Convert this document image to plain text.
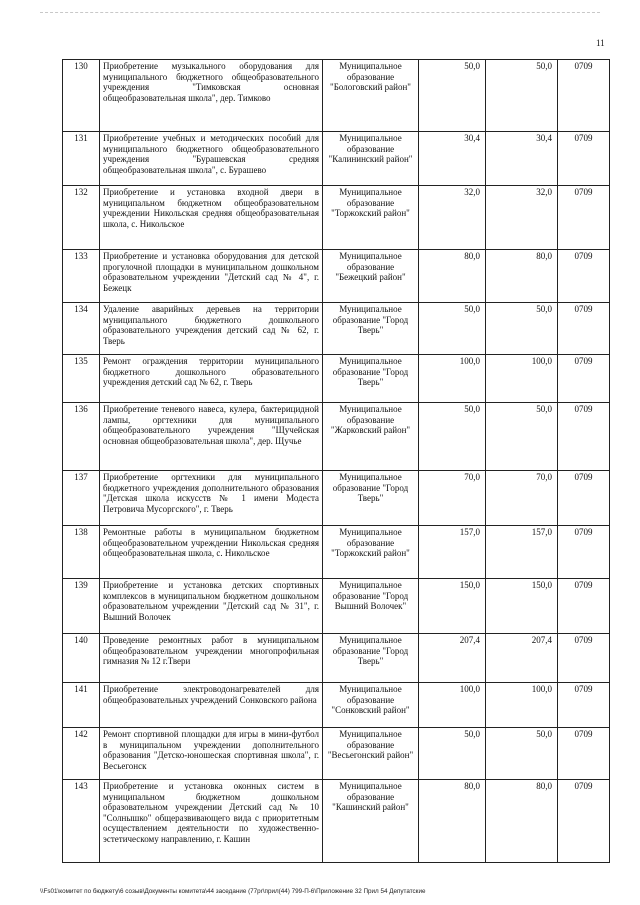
11
130	Приобретение музыкального оборудования для муниципального бюджетного общеобразовательного учреждения "Тимковская основная общеобразовательная школа", дер. Тимково	Муниципальное образование "Бологовский район"	50,0	50,0	0709
131	Приобретение учебных и методических пособий для муниципального бюджетного общеобразовательного учреждения "Бурашевская средняя общеобразовательная школа", с. Бурашево	Муниципальное образование "Калининский район"	30,4	30,4	0709
132	Приобретение и установка входной двери в муниципальном бюджетном общеобразовательном учреждении Никольская средняя общеобразовательная школа, с. Никольское	Муниципальное образование "Торжокский район"	32,0	32,0	0709
133	Приобретение и установка оборудования для детской прогулочной площадки в муниципальном дошкольном образовательном учреждении "Детский сад № 4", г. Бежецк	Муниципальное образование "Бежецкий район"	80,0	80,0	0709
134	Удаление аварийных деревьев на территории муниципального бюджетного дошкольного образовательного учреждения детский сад № 62, г. Тверь	Муниципальное образование "Город Тверь"	50,0	50,0	0709
135	Ремонт ограждения территории муниципального бюджетного дошкольного образовательного учреждения детский сад № 62, г. Тверь	Муниципальное образование "Город Тверь"	100,0	100,0	0709
136	Приобретение теневого навеса, кулера, бактерицидной лампы, оргтехники для муниципального общеобразовательного учреждения "Щучейская основная общеобразовательная школа", дер. Щучье	Муниципальное образование "Жарковский район"	50,0	50,0	0709
137	Приобретение оргтехники для муниципального бюджетного учреждения дополнительного образования "Детская школа искусств № 1 имени Модеста Петровича Мусоргского", г. Тверь	Муниципальное образование "Город Тверь"	70,0	70,0	0709
138	Ремонтные работы в муниципальном бюджетном общеобразовательном учреждении Никольская средняя общеобразовательная школа, с. Никольское	Муниципальное образование "Торжокский район"	157,0	157,0	0709
139	Приобретение и установка детских спортивных комплексов в муниципальном бюджетном дошкольном образовательном учреждении "Детский сад № 31", г. Вышний Волочек	Муниципальное образование "Город Вышний Волочек"	150,0	150,0	0709
140	Проведение ремонтных работ в муниципальном общеобразовательном учреждении многопрофильная гимназия № 12 г.Твери	Муниципальное образование "Город Тверь"	207,4	207,4	0709
141	Приобретение электроводонагревателей для общеобразовательных учреждений Сонковского района	Муниципальное образование "Сонковский район"	100,0	100,0	0709
142	Ремонт спортивной площадки для игры в мини-футбол в муниципальном учреждении дополнительного образования "Детско-юношеская спортивная школа", г. Весьегонск	Муниципальное образование "Весьегонский район"	50,0	50,0	0709
143	Приобретение и установка оконных систем в муниципальном бюджетном дошкольном образовательном учреждении Детский сад № 10 "Солнышко" общеразвивающего вида с приоритетным осуществлением деятельности по художественно-эстетическому направлению, г. Кашин	Муниципальное образование "Кашинский район"	80,0	80,0	0709
\\Fs01\комитет по бюджету\6 созыв\Документы комитета\44 заседание (77pr\прил(44) 799-П-6\Приложение 32 Прил 54 Депутатские
